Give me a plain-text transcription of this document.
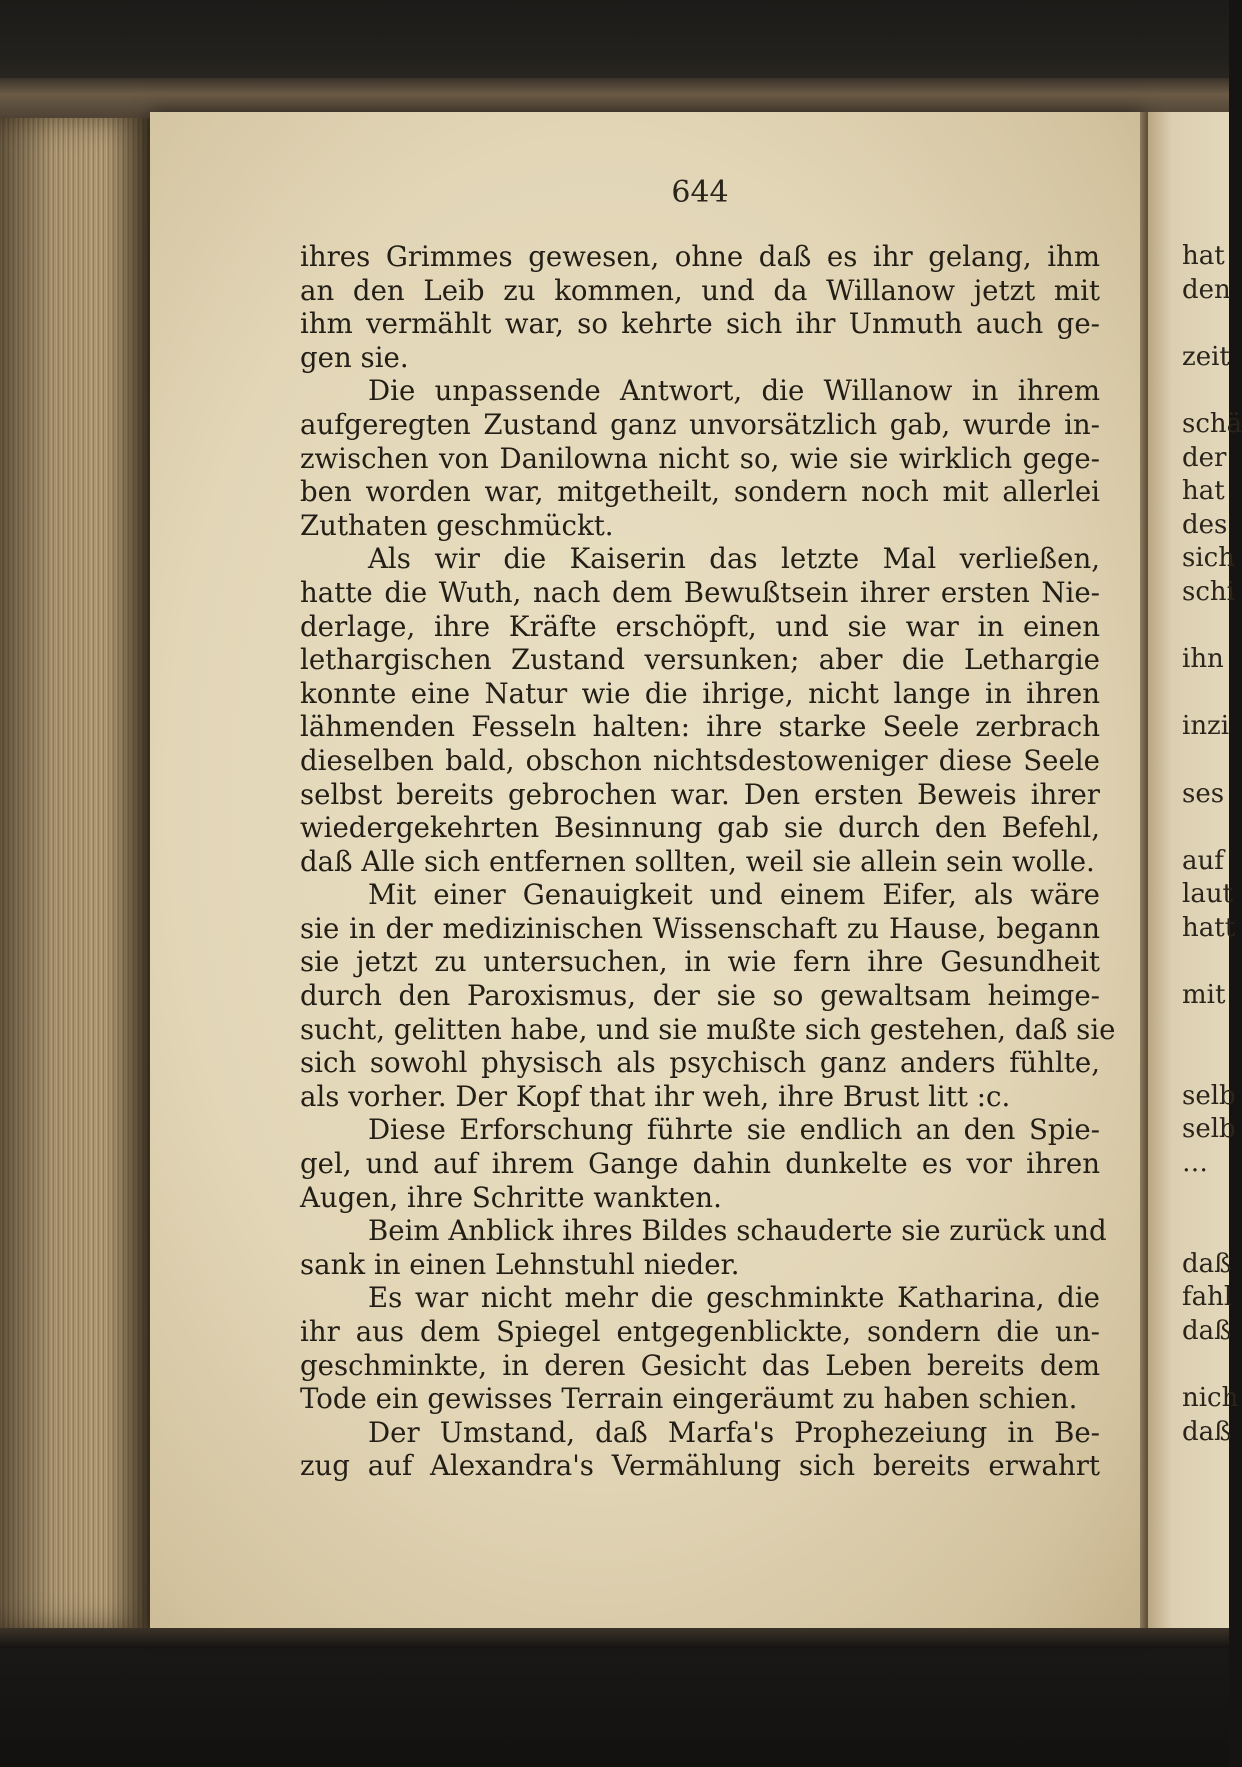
644
ihres Grimmes gewesen, ohne daß es ihr gelang, ihm
an den Leib zu kommen, und da Willanow jetzt mit
ihm vermählt war, so kehrte sich ihr Unmuth auch ge-
gen sie.
Die unpassende Antwort, die Willanow in ihrem
aufgeregten Zustand ganz unvorsätzlich gab, wurde in-
zwischen von Danilowna nicht so, wie sie wirklich gege-
ben worden war, mitgetheilt, sondern noch mit allerlei
Zuthaten geschmückt.
Als wir die Kaiserin das letzte Mal verließen,
hatte die Wuth, nach dem Bewußtsein ihrer ersten Nie-
derlage, ihre Kräfte erschöpft, und sie war in einen
lethargischen Zustand versunken; aber die Lethargie
konnte eine Natur wie die ihrige, nicht lange in ihren
lähmenden Fesseln halten: ihre starke Seele zerbrach
dieselben bald, obschon nichtsdestoweniger diese Seele
selbst bereits gebrochen war. Den ersten Beweis ihrer
wiedergekehrten Besinnung gab sie durch den Befehl,
daß Alle sich entfernen sollten, weil sie allein sein wolle.
Mit einer Genauigkeit und einem Eifer, als wäre
sie in der medizinischen Wissenschaft zu Hause, begann
sie jetzt zu untersuchen, in wie fern ihre Gesundheit
durch den Paroxismus, der sie so gewaltsam heimge-
sucht, gelitten habe, und sie mußte sich gestehen, daß sie
sich sowohl physisch als psychisch ganz anders fühlte,
als vorher. Der Kopf that ihr weh, ihre Brust litt :c.
Diese Erforschung führte sie endlich an den Spie-
gel, und auf ihrem Gange dahin dunkelte es vor ihren
Augen, ihre Schritte wankten.
Beim Anblick ihres Bildes schauderte sie zurück und
sank in einen Lehnstuhl nieder.
Es war nicht mehr die geschminkte Katharina, die
ihr aus dem Spiegel entgegenblickte, sondern die un-
geschminkte, in deren Gesicht das Leben bereits dem
Tode ein gewisses Terrain eingeräumt zu haben schien.
Der Umstand, daß Marfa's Prophezeiung in Be-
zug auf Alexandra's Vermählung sich bereits erwahrt
hat
den
zeit
schä
der
hat
des
sich
schi
ihn
inzi
ses
auf
laut
hatt
mit
selb
selb
…
daß
fahl
daß
nich
daß
